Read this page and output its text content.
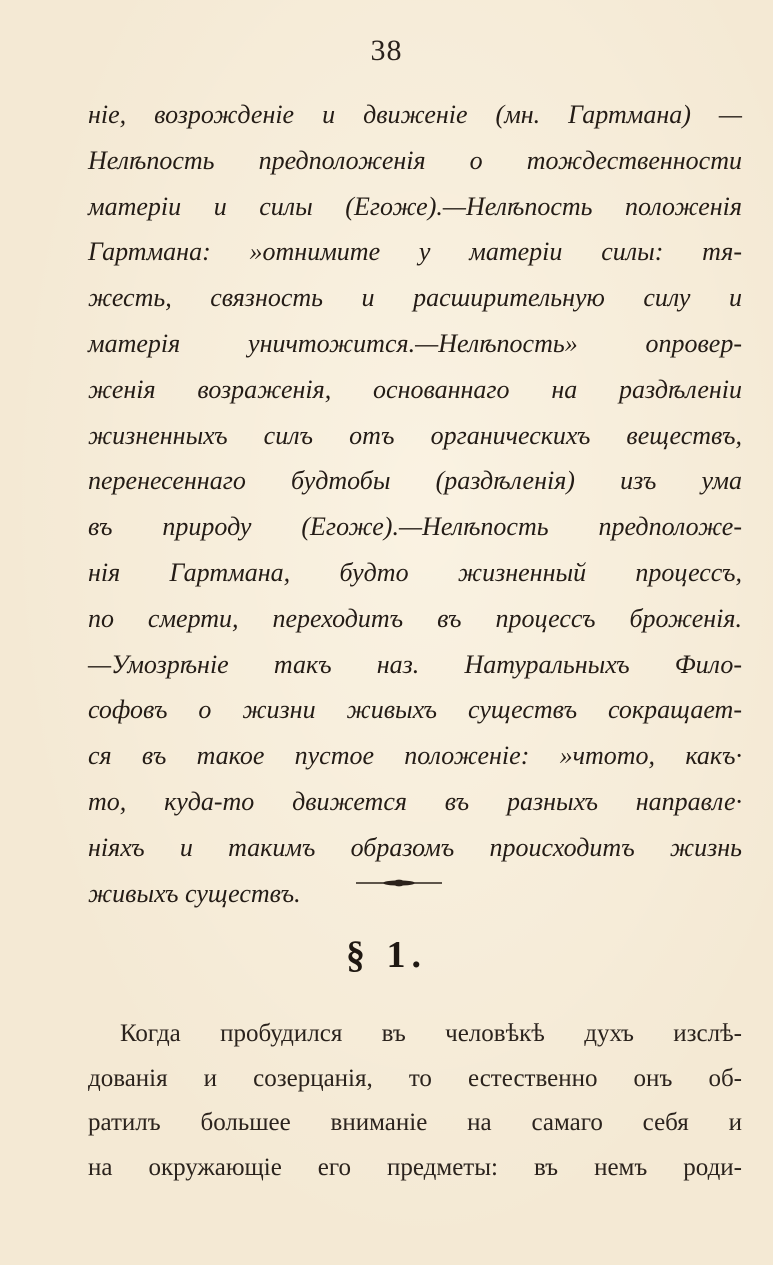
38
ніе, возрожденіе и движеніе (мн. Гартмана) —
Нелѣпость предположенія о тождественности
матеріи и силы (Егоже).—Нелѣпость положенія
Гартмана: »отнимите у матеріи силы: тя-
жесть, связность и расширительную силу и
матерія уничтожится.—Нелѣпость» опровер-
женія возраженія, основаннаго на раздѣленіи
жизненныхъ силъ отъ органическихъ веществъ,
перенесеннаго будтобы (раздѣленія) изъ ума
въ природу (Егоже).—Нелѣпость предположе-
нія Гартмана, будто жизненный процессъ,
по смерти, переходитъ въ процессъ броженія.
—Умозрѣніе такъ наз. Натуральныхъ Фило-
софовъ о жизни живыхъ существъ сокращает-
ся въ такое пустое положеніе: »чтото, какъ·
то, куда-то движется въ разныхъ направле·
ніяхъ и такимъ образомъ происходитъ жизнь
живыхъ существъ.
§ 1.
Когда пробудился въ человѣкѣ духъ изслѣ-
дованія и созерцанія, то естественно онъ об-
ратилъ большее вниманіе на самаго себя и
на окружающіе его предметы: въ немъ роди-
